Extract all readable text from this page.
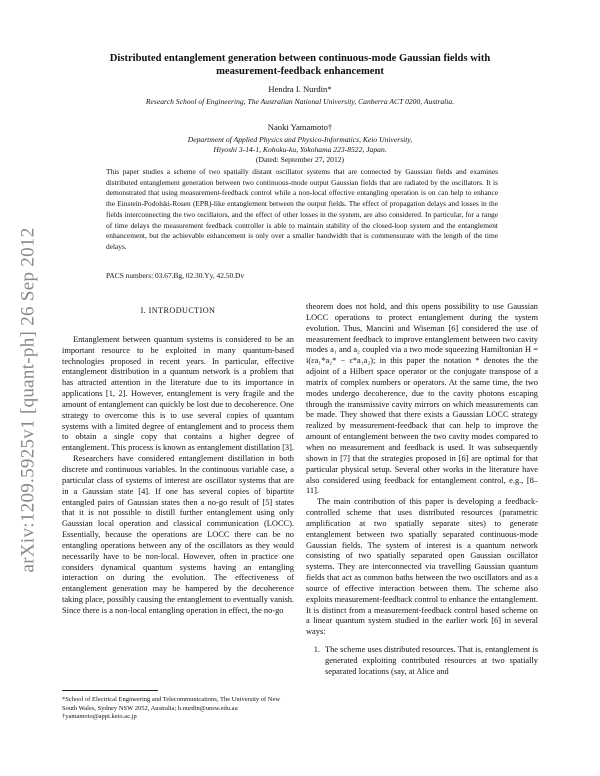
arXiv:1209.5925v1 [quant-ph] 26 Sep 2012
Distributed entanglement generation between continuous-mode Gaussian fields with
measurement-feedback enhancement
Hendra I. Nurdin*
Research School of Engineering, The Australian National University, Canberra ACT 0200, Australia.
Naoki Yamamoto†
Department of Applied Physics and Physico-Informatics, Keio University,
Hiyoshi 3-14-1, Kohoku-ku, Yokohama 223-8522, Japan.
(Dated: September 27, 2012)

This paper studies a scheme of two spatially distant oscillator systems that are connected by Gaussian fields and examines distributed entanglement generation between two continuous-mode output Gaussian fields that are radiated by the oscillators. It is demonstrated that using measurement-feedback control while a non-local effective entangling operation is on can help to enhance the Einstein-Podolski-Rosen (EPR)-like entanglement between the output fields. The effect of propagation delays and losses in the fields interconnecting the two oscillators, and the effect of other losses in the system, are also considered. In particular, for a range of time delays the measurement feedback controller is able to maintain stability of the closed-loop system and the entanglement enhancement, but the achievable enhancement is only over a smaller bandwidth that is commensurate with the length of the time delays.

PACS numbers: 03.67.Bg, 02.30.Yy, 42.50.Dv
I. INTRODUCTION

Entanglement between quantum systems is considered to be an important resource to be exploited in many quantum-based technologies proposed in recent years. In particular, effective entanglement distribution in a quantum network is a problem that has attracted attention in the literature due to its importance in applications [1, 2]. However, entanglement is very fragile and the amount of entanglement can quickly be lost due to decoherence. One strategy to overcome this is to use several copies of quantum systems with a limited degree of entanglement and to process them to obtain a single copy that contains a higher degree of entanglement. This process is known as entanglement distillation [3].

Researchers have considered entanglement distillation in both discrete and continuous variables. In the continuous variable case, a particular class of systems of interest are oscillator systems that are in a Gaussian state [4]. If one has several copies of bipartite entangled pairs of Gaussian states then a no-go result of [5] states that it is not possible to distill further entanglement using only Gaussian local operation and classical communication (LOCC). Essentially, because the operations are LOCC there can be no entangling operations between any of the oscillators as they would necessarily have to be non-local. However, often in practice one considers dynamical quantum systems having an entangling interaction on during the evolution. The effectiveness of entanglement generation may be hampered by the decoherence taking place, possibly causing the entanglement to eventually vanish. Since there is a non-local entangling operation in effect, the no-go

theorem does not hold, and this opens possibility to use Gaussian LOCC operations to protect entanglement during the system evolution. Thus, Mancini and Wiseman [6] considered the use of measurement feedback to improve entanglement between two cavity modes a₁ and a₂ coupled via a two mode squeezing Hamiltonian H = i(εa₁*a₂* − ε*a₁a₂); in this paper the notation * denotes the the adjoint of a Hilbert space operator or the conjugate transpose of a matrix of complex numbers or operators. At the same time, the two modes undergo decoherence, due to the cavity photons escaping through the transmissive cavity mirrors on which measurements can be made. They showed that there exists a Gaussian LOCC strategy realized by measurement-feedback that can help to improve the amount of entanglement between the two cavity modes compared to when no measurement and feedback is used. It was subsequently shown in [7] that the strategies proposed in [6] are optimal for that particular physical setup. Several other works in the literature have also considered using feedback for entanglement control, e.g., [8–11].

The main contribution of this paper is developing a feedback-controlled scheme that uses distributed resources (parametric amplification at two spatially separate sites) to generate entanglement between two spatially separated continuous-mode Gaussian fields. The system of interest is a quantum network consisting of two spatially separated open Gaussian oscillator systems. They are interconnected via travelling Gaussian quantum fields that act as common baths between the two oscillators and as a source of effective interaction between them. The scheme also exploits measurement-feedback control to enhance the entanglement. It is distinct from a measurement-feedback control based scheme on a linear quantum system studied in the earlier work [6] in several ways:

1. The scheme uses distributed resources. That is, entanglement is generated exploiting contributed resources at two spatially separated locations (say, at Alice and

*School of Electrical Engineering and Telecommunications, The University of New South Wales, Sydney NSW 2052, Australia; h.nurdin@unsw.edu.au

†yamamoto@appi.keio.ac.jp
